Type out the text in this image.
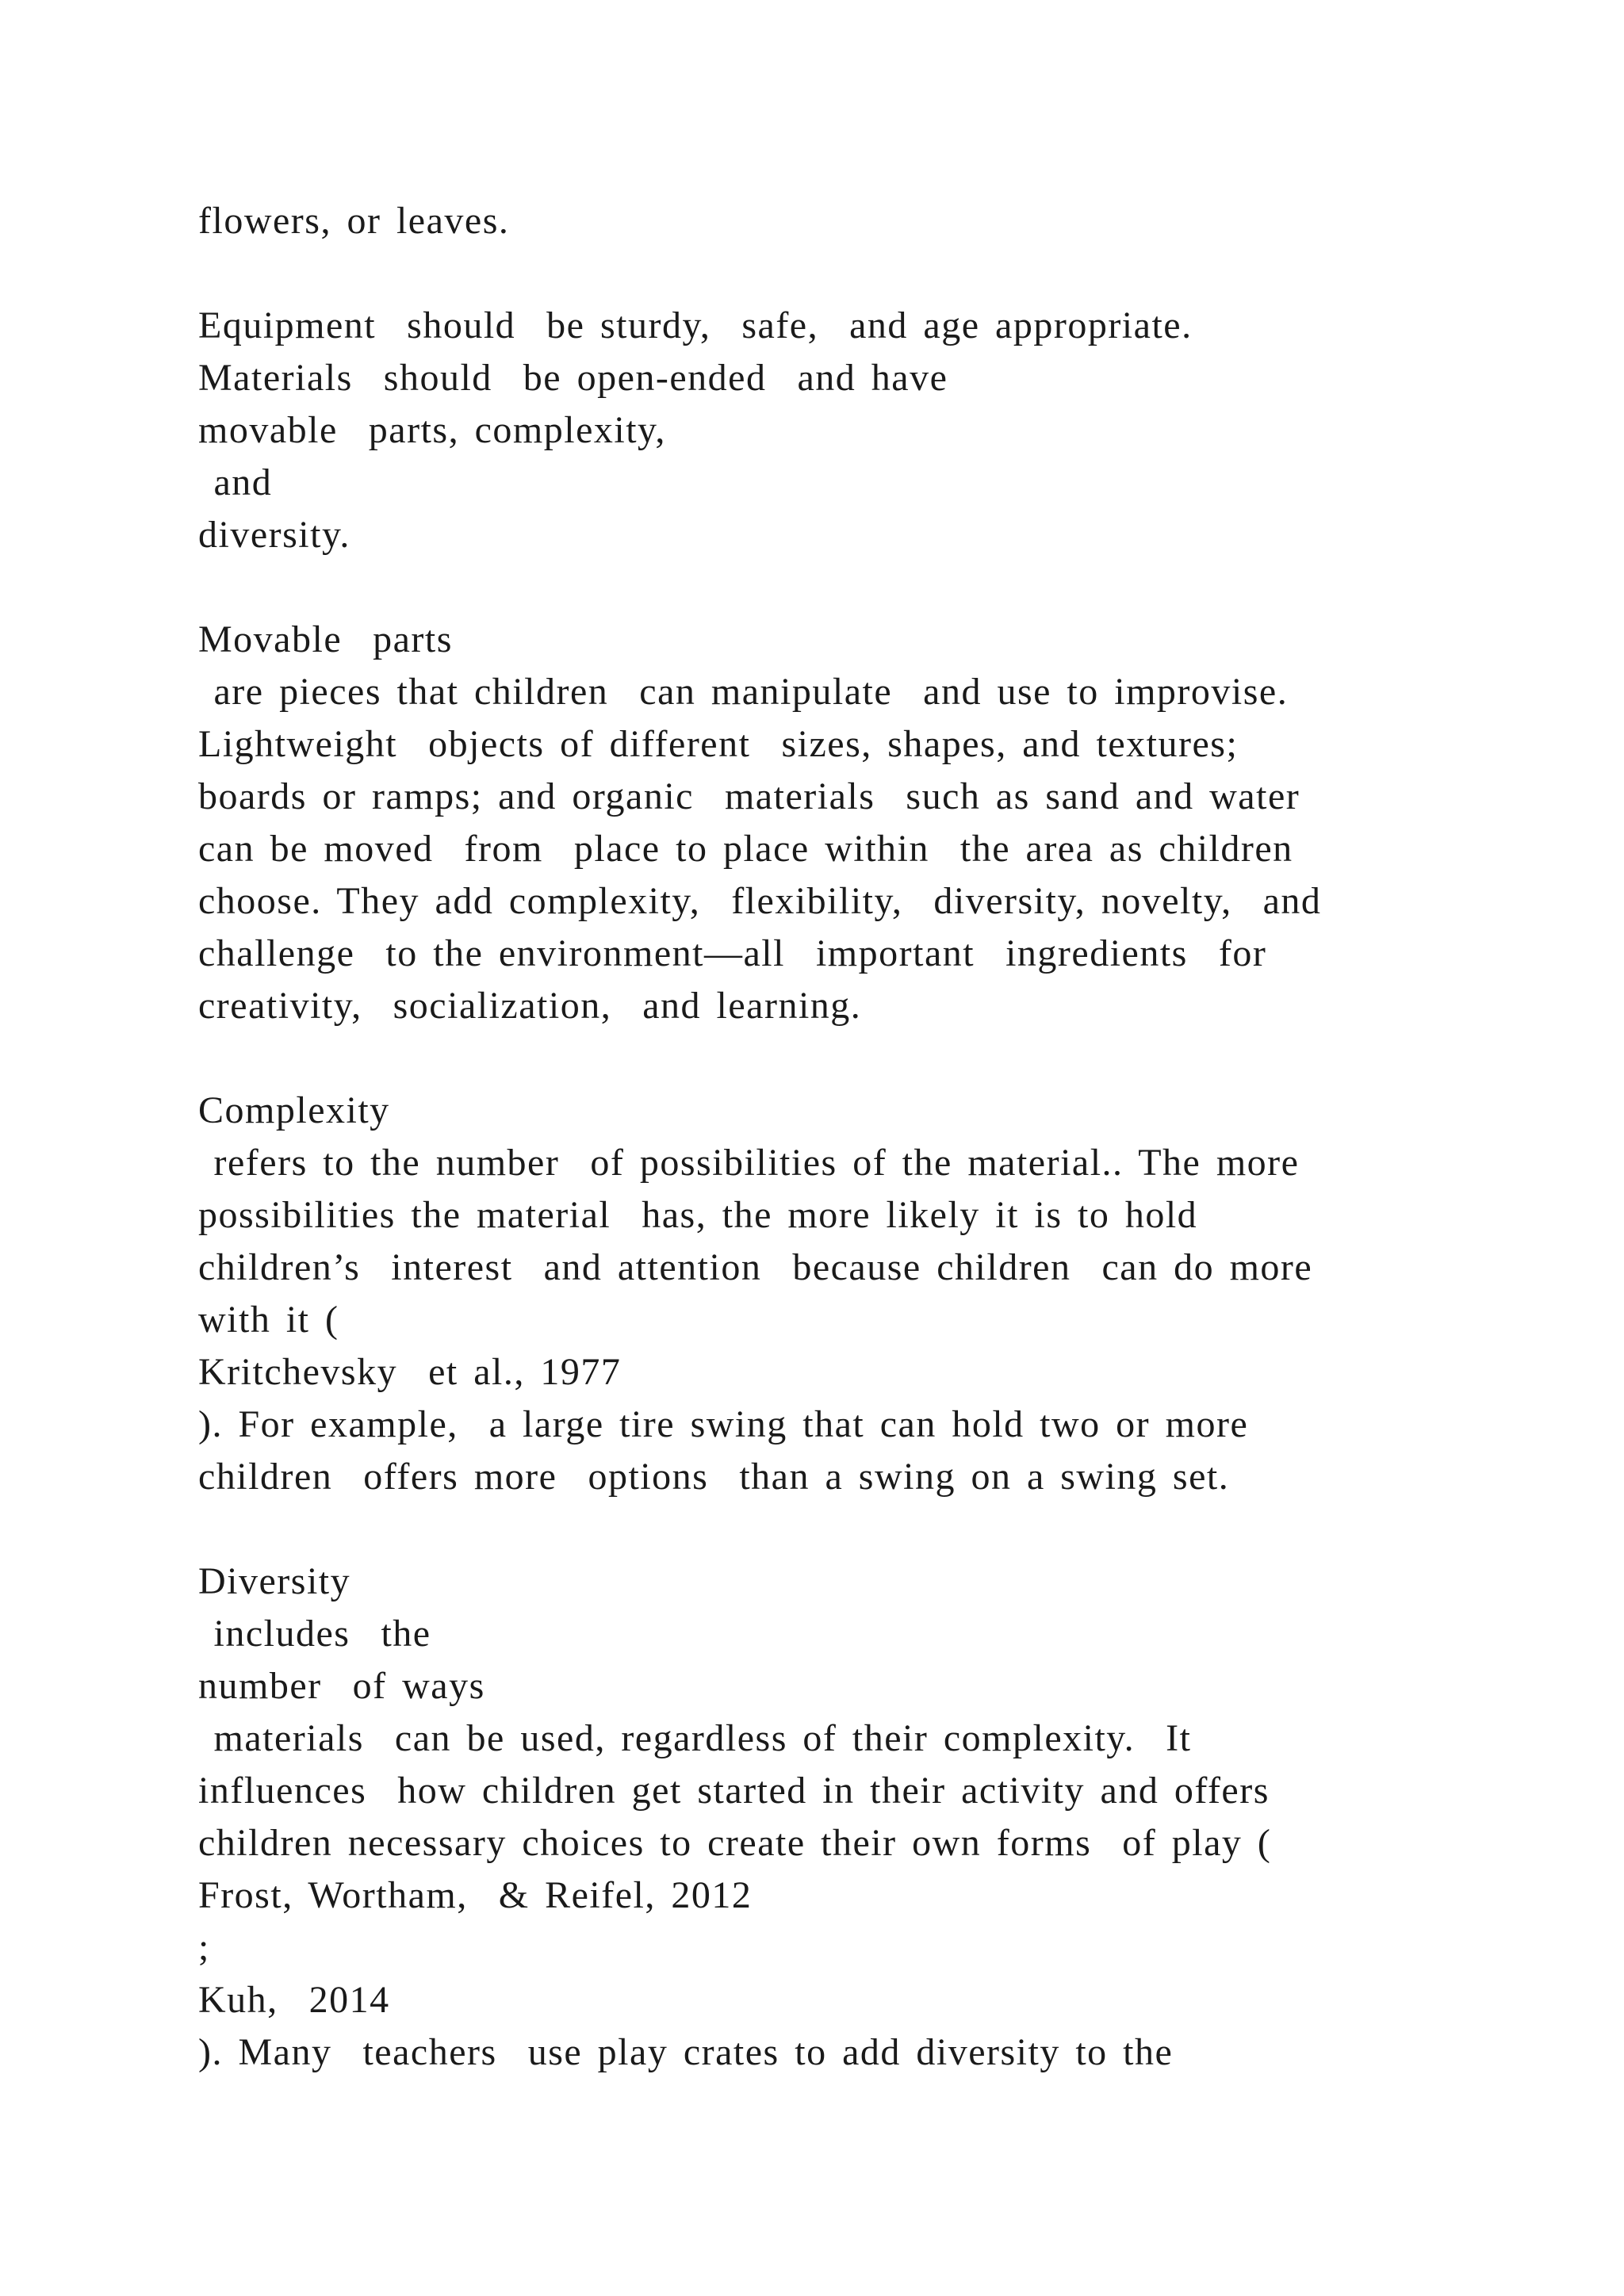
flowers, or leaves.
Equipment  should  be sturdy,  safe,  and age appropriate.
Materials  should  be open-ended  and have
movable  parts, complexity,
and
diversity.
Movable  parts
are pieces that children  can manipulate  and use to improvise.
Lightweight  objects of different  sizes, shapes, and textures;
boards or ramps; and organic  materials  such as sand and water
can be moved  from  place to place within  the area as children
choose. They add complexity,  flexibility,  diversity, novelty,  and
challenge  to the environment—all  important  ingredients  for
creativity,  socialization,  and learning.
Complexity
refers to the number  of possibilities of the material.. The more
possibilities the material  has, the more likely it is to hold
children’s  interest  and attention  because children  can do more
with it (
Kritchevsky  et al., 1977
). For example,  a large tire swing that can hold two or more
children  offers more  options  than a swing on a swing set.
Diversity
includes  the
number  of ways
materials  can be used, regardless of their complexity.  It
influences  how children get started in their activity and offers
children necessary choices to create their own forms  of play (
Frost, Wortham,  & Reifel, 2012
;
Kuh,  2014
). Many  teachers  use play crates to add diversity to the
